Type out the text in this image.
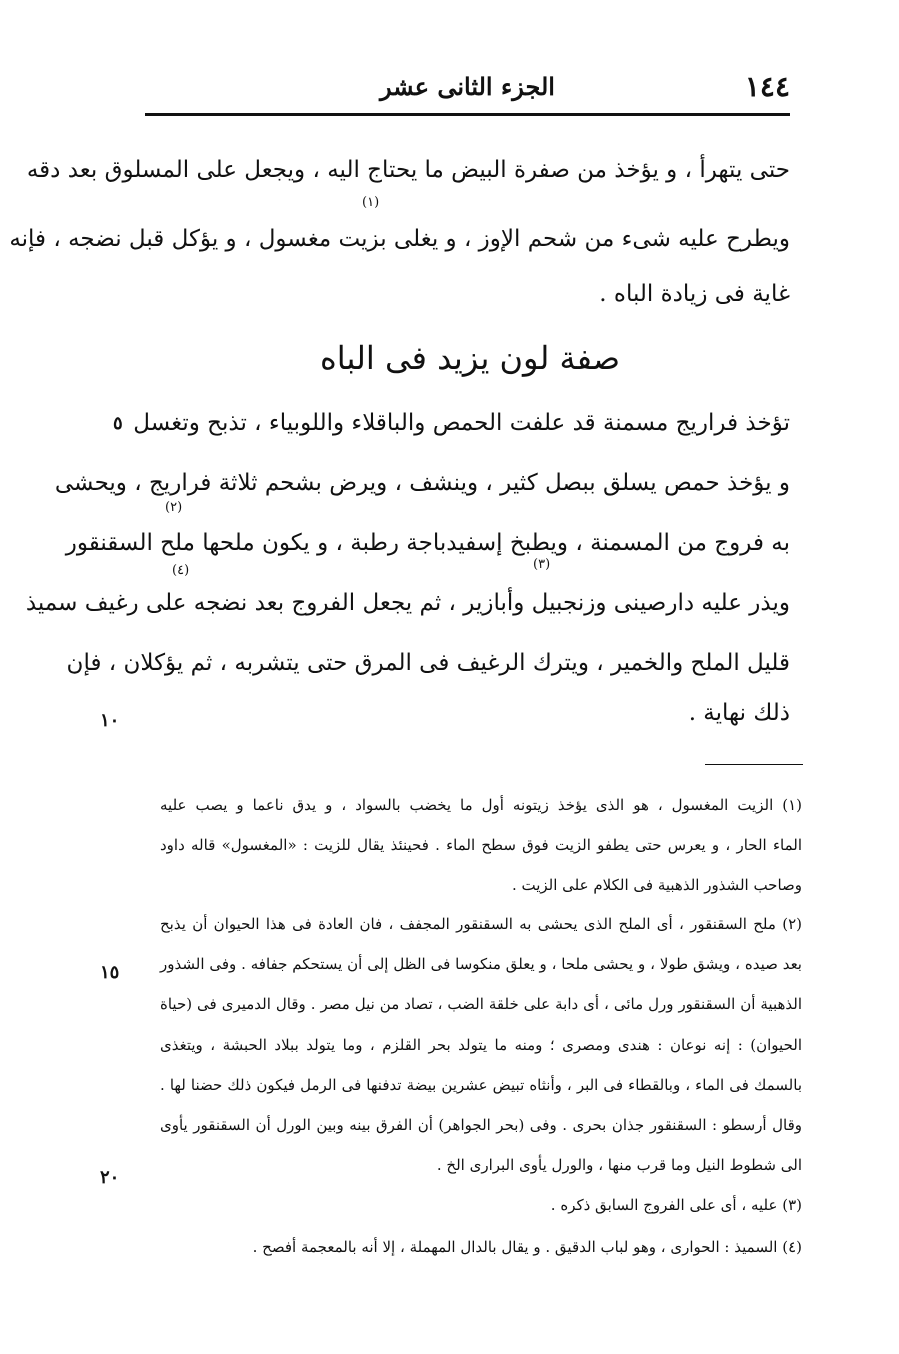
١٤٤
الجزء الثانى عشر
حتى يتهرأ ، و يؤخذ من صفرة البيض ما يحتاج اليه ، ويجعل على المسلوق بعد دقه
ويطرح عليه شىء من شحم الإوز ، و يغلى بزيت مغسول ، و يؤكل قبل نضجه ، فإنه
غاية فى زيادة الباه .
(١)
صفة لون يزيد فى الباه
تؤخذ فراريج مسمنة قد علفت الحمص والباقلاء واللوبياء ، تذبح وتغسل
و يؤخذ حمص يسلق ببصل كثير ، وينشف ، ويرض بشحم ثلاثة فراريج ، ويحشى
به فروج من المسمنة ، ويطبخ إسفيدباجة رطبة ، و يكون ملحها ملح السقنقور
ويذر عليه دارصينى وزنجبيل وأبازير ، ثم يجعل الفروج بعد نضجه على رغيف سميذ
قليل الملح والخمير ، ويترك الرغيف فى المرق حتى يتشربه ، ثم يؤكلان ، فإن
ذلك نهاية .
(٢)
(٣)
(٤)
٥
١٠
١٥
٢٠
(١) الزيت المغسول ، هو الذى يؤخذ زيتونه أول ما يخضب بالسواد ، و يدق ناعما و يصب عليه
الماء الحار ، و يعرس حتى يطفو الزيت فوق سطح الماء . فحينئذ يقال للزيت : «المغسول» قاله داود
وصاحب الشذور الذهبية فى الكلام على الزيت .
(٢) ملح السقنقور ، أى الملح الذى يحشى به السقنقور المجفف ، فان العادة فى هذا الحيوان أن يذبح
بعد صيده ، ويشق طولا ، و يحشى ملحا ، و يعلق منكوسا فى الظل إلى أن يستحكم جفافه . وفى الشذور
الذهبية أن السقنقور ورل مائى ، أى دابة على خلقة الضب ، تصاد من نيل مصر . وقال الدميرى فى (حياة
الحيوان) : إنه نوعان : هندى ومصرى ؛ ومنه ما يتولد بحر القلزم ، وما يتولد ببلاد الحبشة ، ويتغذى
بالسمك فى الماء ، وبالقطاء فى البر ، وأنثاه تبيض عشرين بيضة تدفنها فى الرمل فيكون ذلك حضنا لها .
وقال أرسطو : السقنقور جذان بحرى . وفى (بحر الجواهر) أن الفرق بينه وبين الورل أن السقنقور يأوى
الى شطوط النيل وما قرب منها ، والورل يأوى البرارى الخ .
(٣) عليه ، أى على الفروج السابق ذكره .
(٤) السميذ : الحوارى ، وهو لباب الدقيق . و يقال بالدال المهملة ، إلا أنه بالمعجمة أفصح .
